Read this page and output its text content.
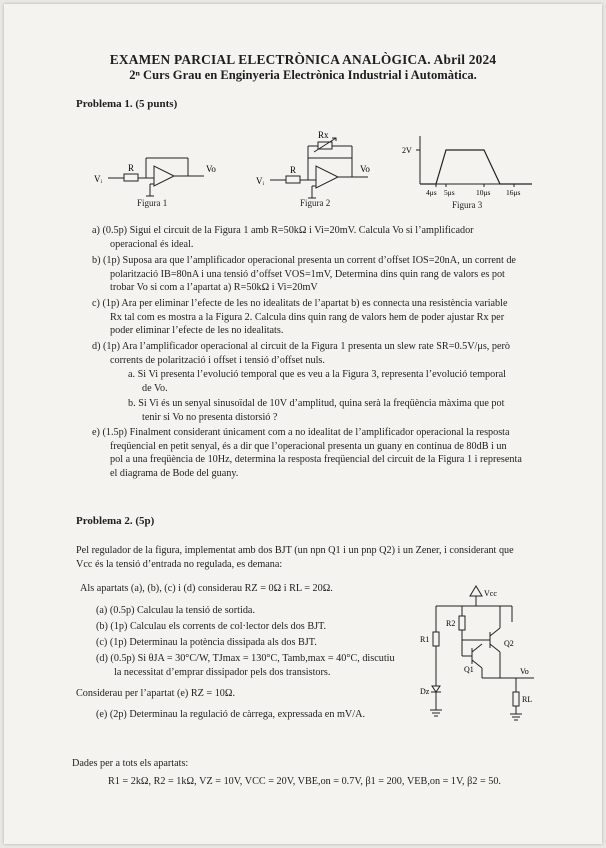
EXAMEN PARCIAL ELECTRÒNICA ANALÒGICA. Abril 2024
2ⁿ Curs Grau en Enginyeria Electrònica Industrial i Automàtica.
Problema 1. (5 punts)
Vᵢ
R	Vo
Figura 1
Rx
Vᵢ
R	Vo
Figura 2
2V
4μs 5μs	10μs 16μs
Figura 3
a) (0.5p) Sigui el circuit de la Figura 1 amb R=50kΩ i Vi=20mV. Calcula Vo si l’amplificador
operacional és ideal.
b) (1p) Suposa ara que l’amplificador operacional presenta un corrent d’offset IOS=20nA, un corrent de
polarització IB=80nA i una tensió d’offset VOS=1mV, Determina dins quin rang de valors es pot
trobar Vo si com a l’apartat a) R=50kΩ i Vi=20mV
c) (1p) Ara per eliminar l’efecte de les no idealitats de l’apartat b) es connecta una resistència variable
Rx tal com es mostra a la Figura 2. Calcula dins quin rang de valors hem de poder ajustar Rx per
poder eliminar l’efecte de les no idealitats.
d) (1p) Ara l’amplificador operacional al circuit de la Figura 1 presenta un slew rate SR=0.5V/μs, però
corrents de polarització i offset i tensió d’offset nuls.
a. Si Vi presenta l’evolució temporal que es veu a la Figura 3, representa l’evolució temporal
de Vo.
b. Si Vi és un senyal sinusoïdal de 10V d’amplitud, quina serà la freqüència màxima que pot
tenir si Vo no presenta distorsió ?
e) (1.5p) Finalment considerant únicament com a no idealitat de l’amplificador operacional la resposta
freqüencial en petit senyal, és a dir que l’operacional presenta un guany en contínua de 80dB i un
pol a una freqüència de 10Hz, determina la resposta freqüencial del circuit de la Figura 1 i representa
el diagrama de Bode del guany.
Problema 2. (5p)
Pel regulador de la figura, implementat amb dos BJT (un npn Q1 i un pnp Q2) i un Zener, i considerant que
Vcc és la tensió d’entrada no regulada, es demana:
Als apartats (a), (b), (c) i (d) considerau RZ = 0Ω i RL = 20Ω.
(a) (0.5p) Calculau la tensió de sortida.
(b) (1p) Calculau els corrents de col·lector dels dos BJT.
(c) (1p) Determinau la potència dissipada als dos BJT.
(d) (0.5p) Si θJA = 30°C/W, TJmax = 130°C, Tamb,max = 40°C, discutiu
la necessitat d’emprar dissipador pels dos transistors.
Considerau per l’apartat (e) RZ = 10Ω.
(e) (2p) Determinau la regulació de càrrega, expressada en mV/A.
Vcc
R2
R1	Q2
Q1	Vo
Dz
RL
Dades per a tots els apartats:
R1 = 2kΩ, R2 = 1kΩ, VZ = 10V, VCC = 20V, VBE,on = 0.7V, β1 = 200, VEB,on = 1V, β2 = 50.
